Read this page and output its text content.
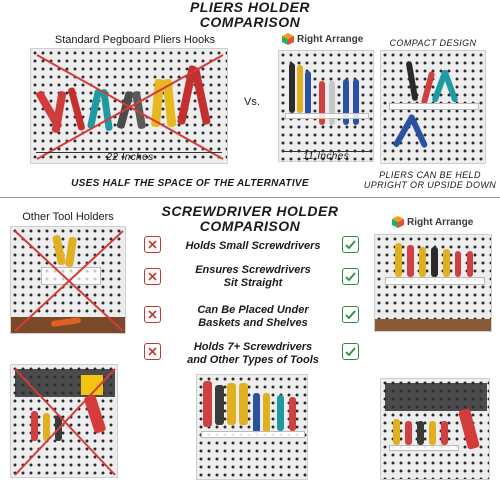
PLIERS HOLDER
COMPARISON
Standard Pegboard Pliers Hooks
22 Inches
Vs.
Right Arrange
11 Inches
COMPACT DESIGN
USES HALF THE SPACE OF THE ALTERNATIVE
PLIERS CAN BE HELD
UPRIGHT OR UPSIDE DOWN
SCREWDRIVER HOLDER
COMPARISON
Other Tool Holders
Holds Small Screwdrivers
Ensures Screwdrivers
Sit Straight
Can Be Placed Under
Baskets and Shelves
Holds 7+ Screwdrivers
and Other Types of Tools
Right Arrange
